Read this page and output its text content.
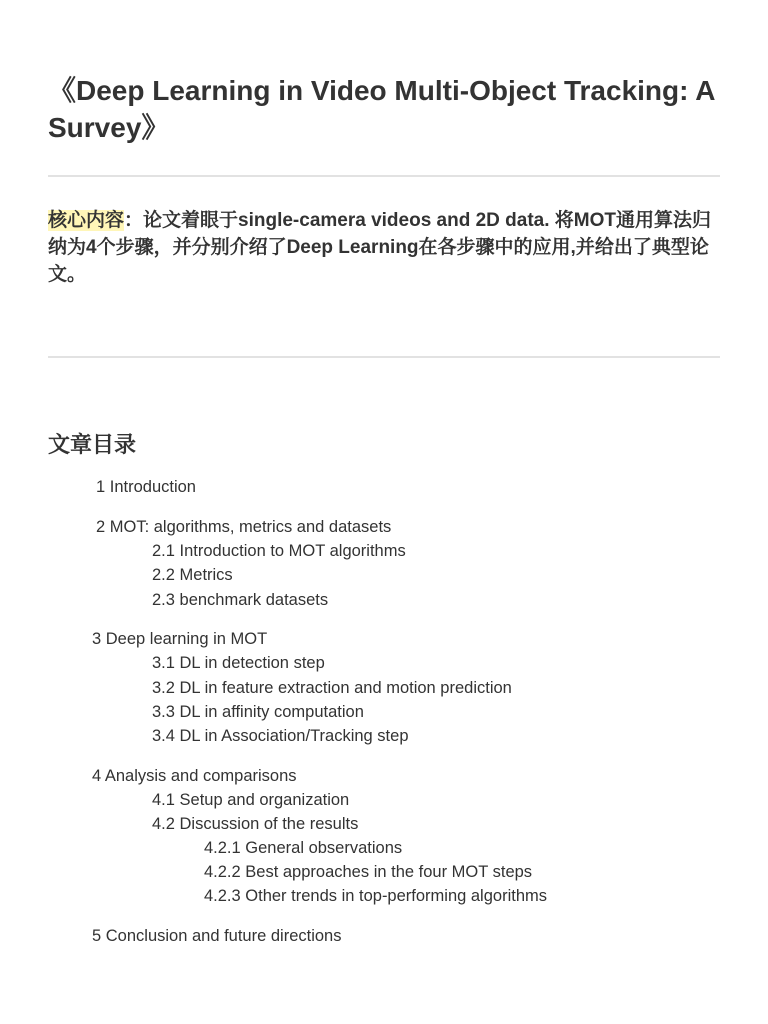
《Deep Learning in Video Multi-Object Tracking: A Survey》

核心内容：论文着眼于single-camera videos and 2D data. 将MOT通用算法归纳为4个步骤，并分别介绍了Deep Learning在各步骤中的应用,并给出了典型论文。

文章目录
1 Introduction
2 MOT: algorithms, metrics and datasets
2.1 Introduction to MOT algorithms
2.2 Metrics
2.3 benchmark datasets
3 Deep learning in MOT
3.1 DL in detection step
3.2 DL in feature extraction and motion prediction
3.3 DL in affinity computation
3.4 DL in Association/Tracking step
4 Analysis and comparisons
4.1 Setup and organization
4.2 Discussion of the results
4.2.1 General observations
4.2.2 Best approaches in the four MOT steps
4.2.3 Other trends in top-performing algorithms
5 Conclusion and future directions
